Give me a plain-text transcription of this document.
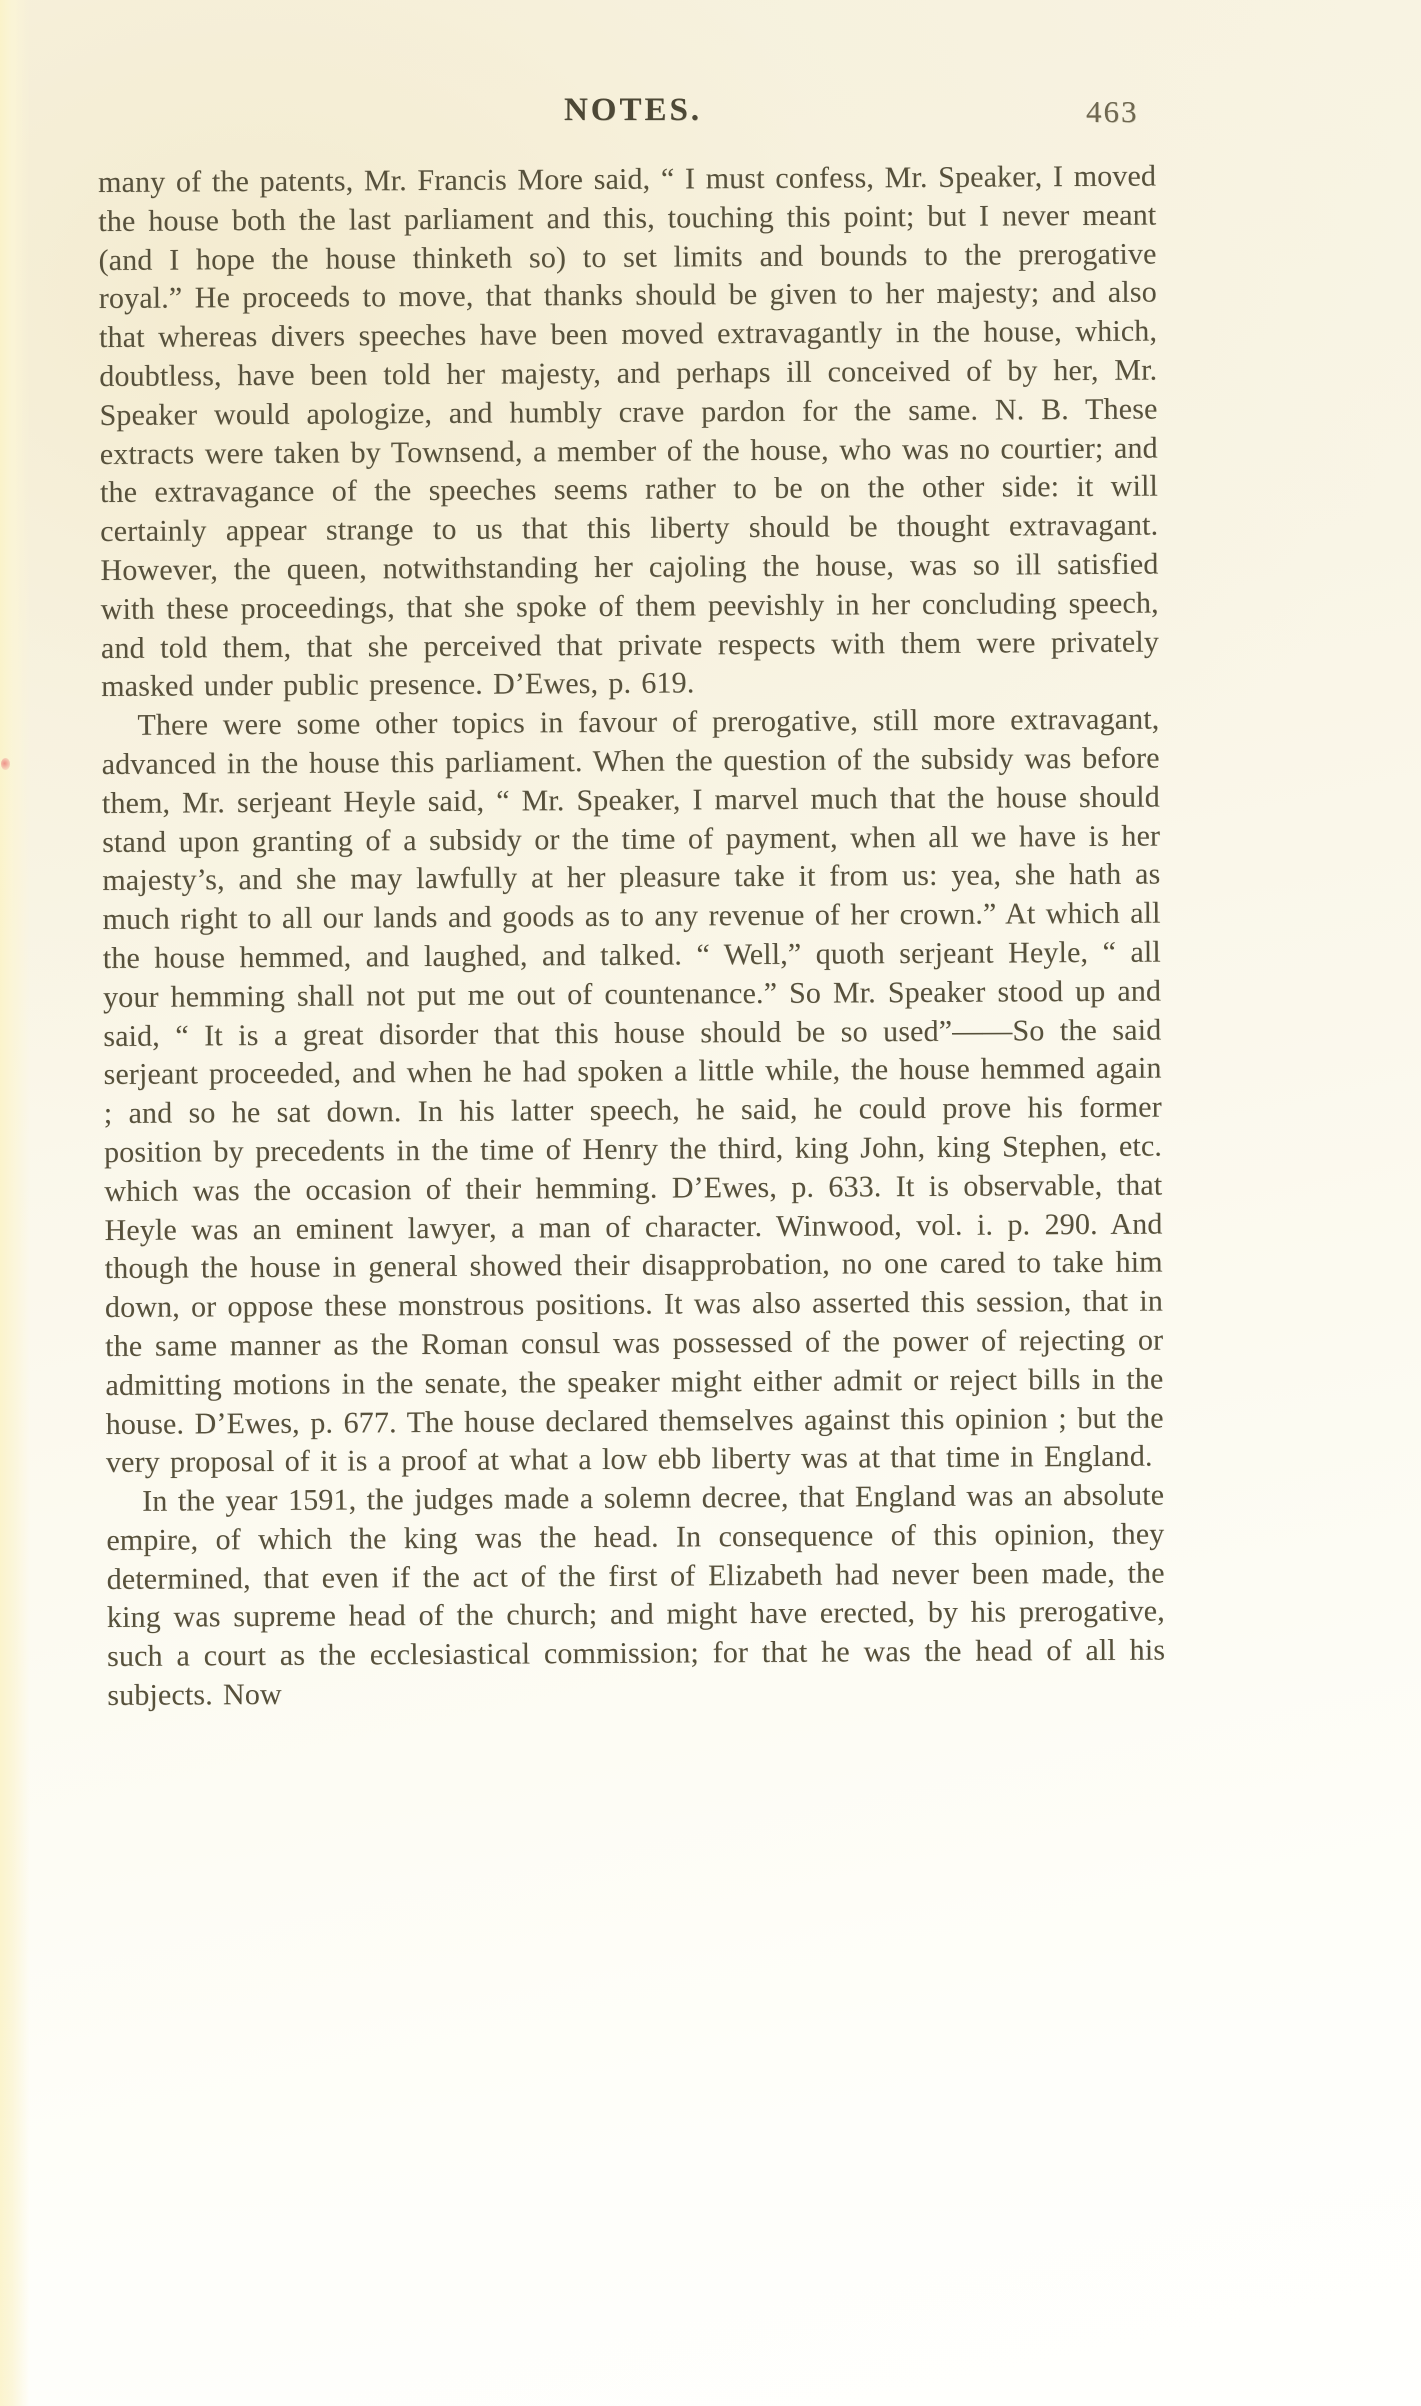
NOTES.	463

many of the patents, Mr. Francis More said, “ I must confess, Mr. Speaker, I moved the house both the last parliament and this, touching this point; but I never meant (and I hope the house thinketh so) to set limits and bounds to the prerogative royal.” He proceeds to move, that thanks should be given to her majesty; and also that whereas divers speeches have been moved extravagantly in the house, which, doubtless, have been told her majesty, and perhaps ill conceived of by her, Mr. Speaker would apologize, and humbly crave pardon for the same. N. B. These extracts were taken by Townsend, a member of the house, who was no courtier; and the extravagance of the speeches seems rather to be on the other side: it will certainly appear strange to us that this liberty should be thought extravagant. However, the queen, notwithstanding her cajoling the house, was so ill satisfied with these proceedings, that she spoke of them peevishly in her concluding speech, and told them, that she perceived that private respects with them were privately masked under public presence. D’Ewes, p. 619.

There were some other topics in favour of prerogative, still more extravagant, advanced in the house this parliament. When the question of the subsidy was before them, Mr. serjeant Heyle said, “ Mr. Speaker, I marvel much that the house should stand upon granting of a subsidy or the time of payment, when all we have is her majesty’s, and she may lawfully at her pleasure take it from us: yea, she hath as much right to all our lands and goods as to any revenue of her crown.” At which all the house hemmed, and laughed, and talked. “ Well,” quoth serjeant Heyle, “ all your hemming shall not put me out of countenance.” So Mr. Speaker stood up and said, “ It is a great disorder that this house should be so used”——So the said serjeant proceeded, and when he had spoken a little while, the house hemmed again ; and so he sat down. In his latter speech, he said, he could prove his former position by precedents in the time of Henry the third, king John, king Stephen, etc. which was the occasion of their hemming. D’Ewes, p. 633. It is observable, that Heyle was an eminent lawyer, a man of character. Winwood, vol. i. p. 290. And though the house in general showed their disapprobation, no one cared to take him down, or oppose these monstrous positions. It was also asserted this session, that in the same manner as the Roman consul was possessed of the power of rejecting or admitting motions in the senate, the speaker might either admit or reject bills in the house. D’Ewes, p. 677. The house declared themselves against this opinion ; but the very proposal of it is a proof at what a low ebb liberty was at that time in England.

In the year 1591, the judges made a solemn decree, that England was an absolute empire, of which the king was the head. In consequence of this opinion, they determined, that even if the act of the first of Elizabeth had never been made, the king was supreme head of the church; and might have erected, by his prerogative, such a court as the ecclesiastical commission; for that he was the head of all his subjects. Now
